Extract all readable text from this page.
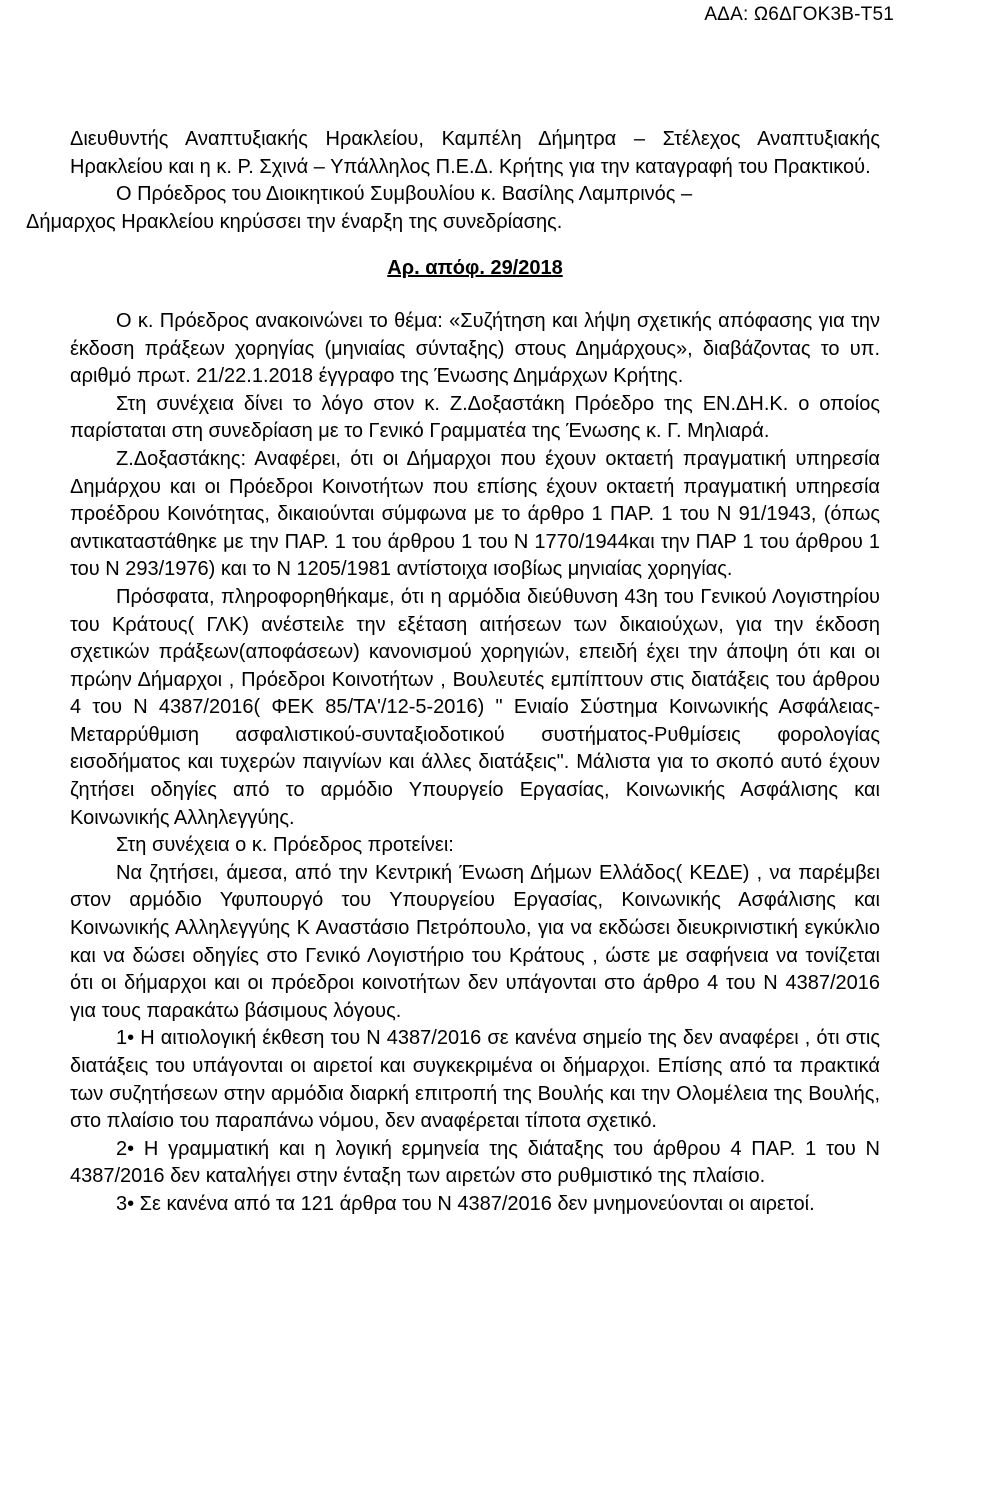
ΑΔΑ: Ω6ΔΓΟΚ3Β-Τ51

Διευθυντής Αναπτυξιακής Ηρακλείου, Καμπέλη Δήμητρα – Στέλεχος Αναπτυξιακής Ηρακλείου και η κ. Ρ. Σχινά – Υπάλληλος Π.Ε.Δ. Κρήτης για την καταγραφή του Πρακτικού.

Ο Πρόεδρος του Διοικητικού Συμβουλίου κ. Βασίλης Λαμπρινός –

Δήμαρχος Ηρακλείου κηρύσσει την έναρξη της συνεδρίασης.

Αρ. απόφ. 29/2018

Ο κ. Πρόεδρος ανακοινώνει το θέμα: «Συζήτηση και λήψη σχετικής απόφασης για την έκδοση πράξεων χορηγίας (μηνιαίας σύνταξης) στους Δημάρχους», διαβάζοντας το υπ. αριθμό πρωτ. 21/22.1.2018 έγγραφο της Ένωσης Δημάρχων Κρήτης.

Στη συνέχεια δίνει το λόγο στον κ. Ζ.Δοξαστάκη Πρόεδρο της ΕΝ.ΔΗ.Κ. ο οποίος παρίσταται στη συνεδρίαση με το Γενικό Γραμματέα της Ένωσης κ. Γ. Μηλιαρά.

Ζ.Δοξαστάκης: Αναφέρει, ότι οι Δήμαρχοι που έχουν οκταετή πραγματική υπηρεσία Δημάρχου και οι Πρόεδροι Κοινοτήτων που επίσης έχουν οκταετή πραγματική υπηρεσία προέδρου Κοινότητας, δικαιούνται σύμφωνα με το άρθρο 1 ΠΑΡ. 1 του Ν 91/1943, (όπως αντικαταστάθηκε με την ΠΑΡ. 1 του άρθρου 1 του Ν 1770/1944και την ΠΑΡ 1 του άρθρου 1 του Ν 293/1976) και το Ν 1205/1981 αντίστοιχα ισοβίως μηνιαίας χορηγίας.

Πρόσφατα, πληροφορηθήκαμε, ότι η αρμόδια διεύθυνση 43η του Γενικού Λογιστηρίου του Κράτους( ΓΛΚ) ανέστειλε την εξέταση αιτήσεων των δικαιούχων, για την έκδοση σχετικών πράξεων(αποφάσεων) κανονισμού χορηγιών, επειδή έχει την άποψη ότι και οι πρώην Δήμαρχοι , Πρόεδροι Κοινοτήτων , Βουλευτές εμπίπτουν στις διατάξεις του άρθρου 4 του Ν 4387/2016( ΦΕΚ 85/ΤΑ'/12-5-2016) " Ενιαίο Σύστημα Κοινωνικής Ασφάλειας-Μεταρρύθμιση ασφαλιστικού-συνταξιοδοτικού συστήματος-Ρυθμίσεις φορολογίας εισοδήματος και τυχερών παιγνίων και άλλες διατάξεις". Μάλιστα για το σκοπό αυτό έχουν ζητήσει οδηγίες από το αρμόδιο Υπουργείο Εργασίας, Κοινωνικής Ασφάλισης και Κοινωνικής Αλληλεγγύης.

Στη συνέχεια ο κ. Πρόεδρος προτείνει:

Να ζητήσει, άμεσα, από την Κεντρική Ένωση Δήμων Ελλάδος( ΚΕΔΕ) , να παρέμβει στον αρμόδιο Υφυπουργό του Υπουργείου Εργασίας, Κοινωνικής Ασφάλισης και Κοινωνικής Αλληλεγγύης Κ Αναστάσιο Πετρόπουλο, για να εκδώσει διευκρινιστική εγκύκλιο και να δώσει οδηγίες στο Γενικό Λογιστήριο του Κράτους , ώστε με σαφήνεια να τονίζεται ότι οι δήμαρχοι και οι πρόεδροι κοινοτήτων δεν υπάγονται στο άρθρο 4 του Ν 4387/2016 για τους παρακάτω βάσιμους λόγους.

1• Η αιτιολογική έκθεση του Ν 4387/2016 σε κανένα σημείο της δεν αναφέρει , ότι στις διατάξεις του υπάγονται οι αιρετοί και συγκεκριμένα οι δήμαρχοι. Επίσης από τα πρακτικά των συζητήσεων στην αρμόδια διαρκή επιτροπή της Βουλής και την Ολομέλεια της Βουλής, στο πλαίσιο του παραπάνω νόμου, δεν αναφέρεται τίποτα σχετικό.

2• Η γραμματική και η λογική ερμηνεία της διάταξης του άρθρου 4 ΠΑΡ. 1 του Ν 4387/2016 δεν καταλήγει στην ένταξη των αιρετών στο ρυθμιστικό της πλαίσιο.

3• Σε κανένα από τα 121 άρθρα του Ν 4387/2016 δεν μνημονεύονται οι αιρετοί.
